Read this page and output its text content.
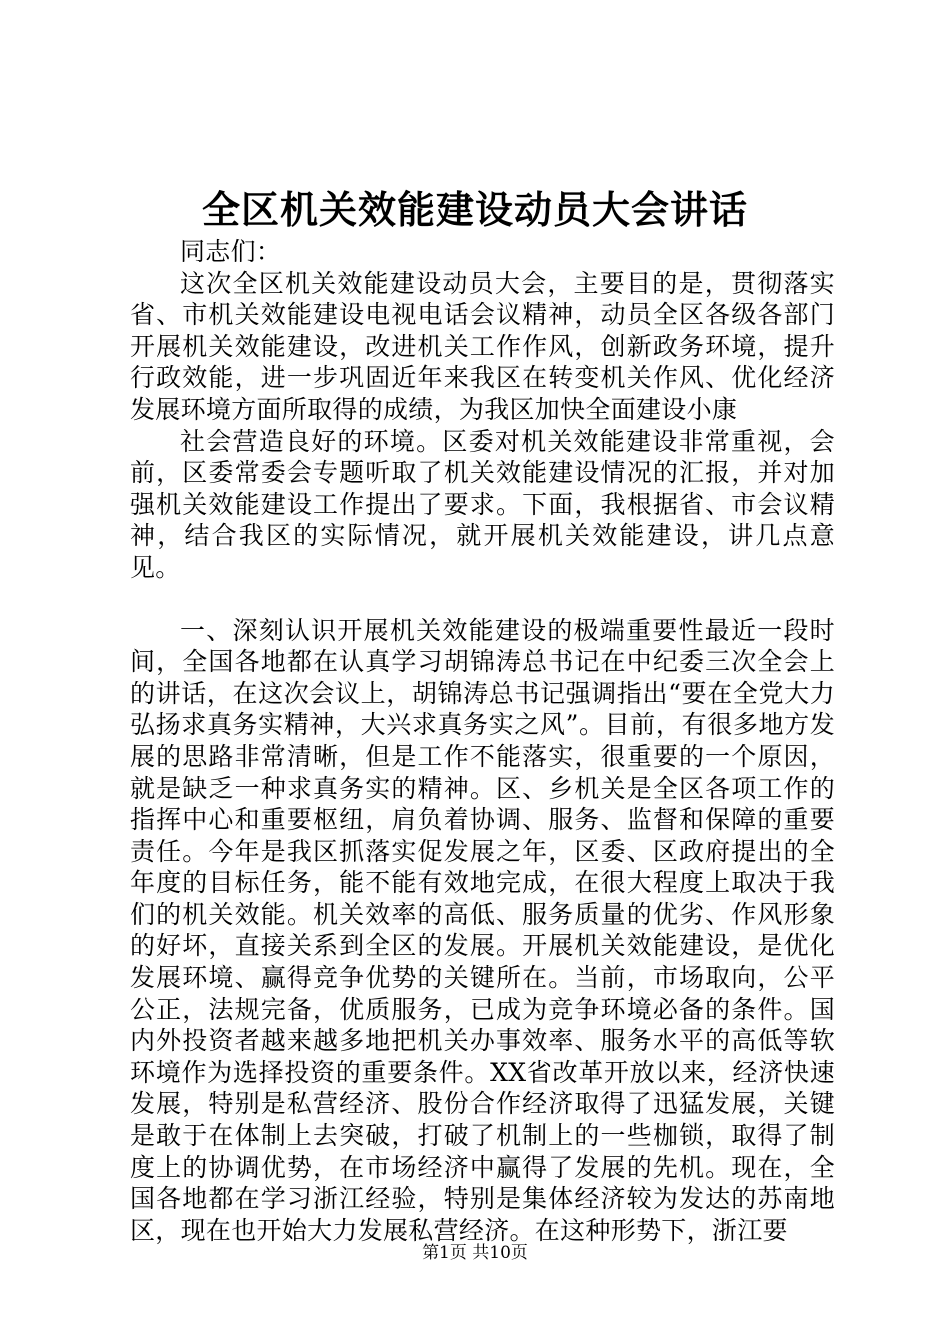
全区机关效能建设动员大会讲话

同志们：

这次全区机关效能建设动员大会，主要目的是，贯彻落实省、市机关效能建设电视电话会议精神，动员全区各级各部门开展机关效能建设，改进机关工作作风，创新政务环境，提升行政效能，进一步巩固近年来我区在转变机关作风、优化经济发展环境方面所取得的成绩，为我区加快全面建设小康

社会营造良好的环境。区委对机关效能建设非常重视，会前，区委常委会专题听取了机关效能建设情况的汇报，并对加强机关效能建设工作提出了要求。下面，我根据省、市会议精神，结合我区的实际情况，就开展机关效能建设，讲几点意见。

一、深刻认识开展机关效能建设的极端重要性最近一段时间，全国各地都在认真学习胡锦涛总书记在中纪委三次全会上的讲话，在这次会议上，胡锦涛总书记强调指出“要在全党大力弘扬求真务实精神，大兴求真务实之风”。目前，有很多地方发展的思路非常清晰，但是工作不能落实，很重要的一个原因，就是缺乏一种求真务实的精神。区、乡机关是全区各项工作的指挥中心和重要枢纽，肩负着协调、服务、监督和保障的重要责任。今年是我区抓落实促发展之年，区委、区政府提出的全年度的目标任务，能不能有效地完成，在很大程度上取决于我们的机关效能。机关效率的高低、服务质量的优劣、作风形象的好坏，直接关系到全区的发展。开展机关效能建设，是优化发展环境、赢得竞争优势的关键所在。当前，市场取向，公平公正，法规完备，优质服务，已成为竞争环境必备的条件。国内外投资者越来越多地把机关办事效率、服务水平的高低等软环境作为选择投资的重要条件。XX省改革开放以来，经济快速发展，特别是私营经济、股份合作经济取得了迅猛发展，关键是敢于在体制上去突破，打破了机制上的一些枷锁，取得了制度上的协调优势，在市场经济中赢得了发展的先机。现在，全国各地都在学习浙江经验，特别是集体经济较为发达的苏南地区，现在也开始大力发展私营经济。在这种形势下，浙江要

第1页 共10页
